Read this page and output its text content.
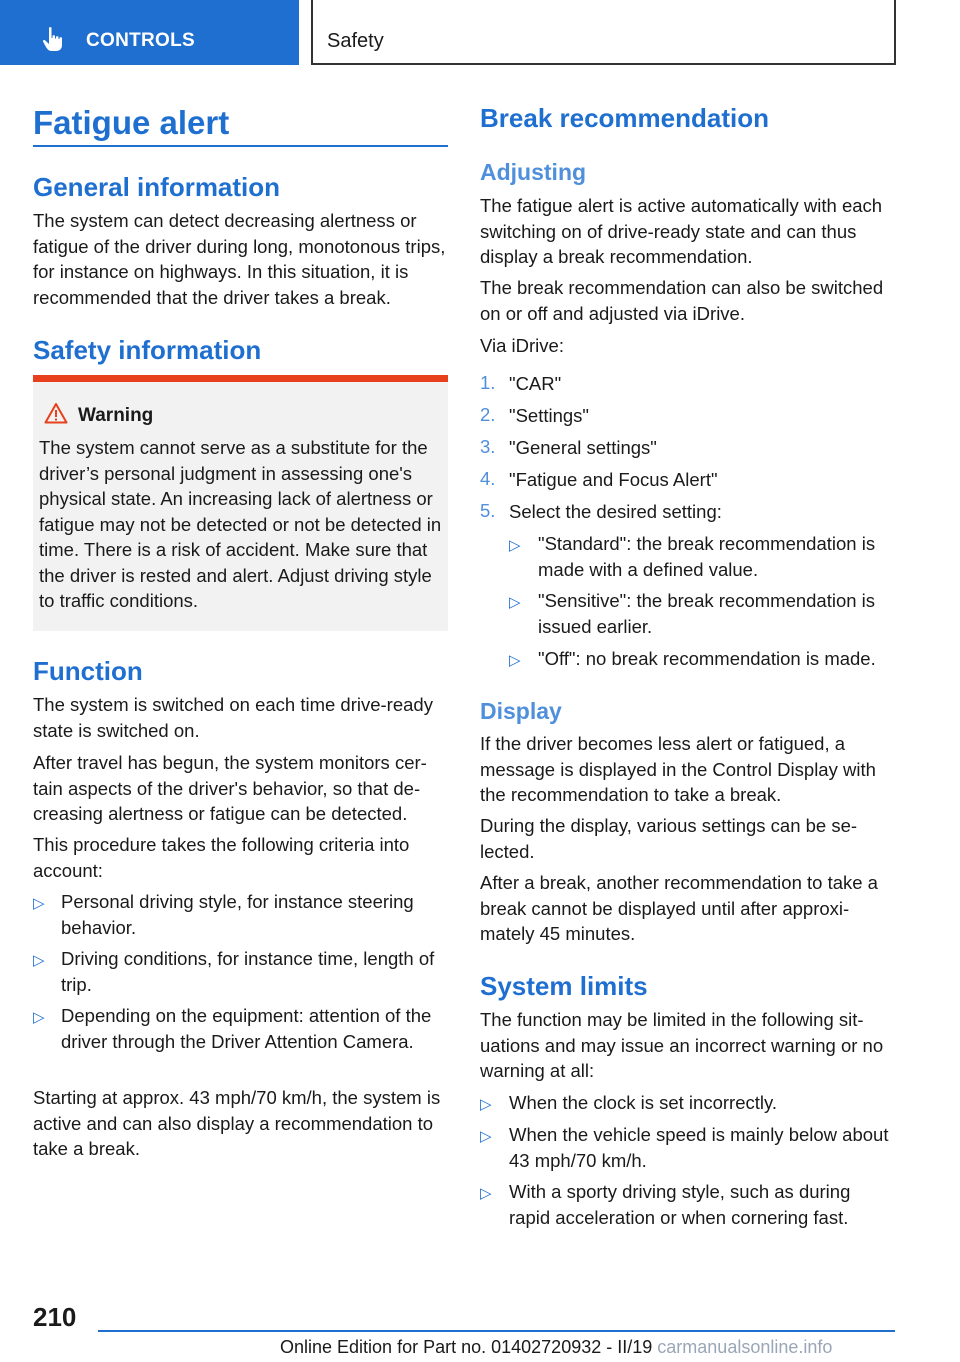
CONTROLS	Safety
Fatigue alert
General information

The system can detect decreasing alertness or fatigue of the driver during long, monotonous trips, for instance on highways. In this situation, it is recommended that the driver takes a break.

Safety information
Warning

The system cannot serve as a substitute for the driver’s personal judgment in assessing one's physical state. An increasing lack of alertness or fatigue may not be detected or not be detected in time. There is a risk of accident. Make sure that the driver is rested and alert. Adjust driving style to traffic conditions.

Function

The system is switched on each time drive-ready state is switched on.

After travel has begun, the system monitors certain aspects of the driver's behavior, so that decreasing alertness or fatigue can be detected.

This procedure takes the following criteria into account:

▷ Personal driving style, for instance steering behavior.

▷ Driving conditions, for instance time, length of trip.

▷ Depending on the equipment: attention of the driver through the Driver Attention Camera.

Starting at approx. 43 mph/70 km/h, the system is active and can also display a recommendation to take a break.

Break recommendation
Adjusting

The fatigue alert is active automatically with each switching on of drive-ready state and can thus display a break recommendation.

The break recommendation can also be switched on or off and adjusted via iDrive.

Via iDrive:

1. "CAR"

2. "Settings"

3. "General settings"

4. "Fatigue and Focus Alert"

5. Select the desired setting:

▷ "Standard": the break recommendation is made with a defined value.

▷ "Sensitive": the break recommendation is issued earlier.

▷ "Off": no break recommendation is made.

Display

If the driver becomes less alert or fatigued, a message is displayed in the Control Display with the recommendation to take a break.

During the display, various settings can be selected.

After a break, another recommendation to take a break cannot be displayed until after approximately 45 minutes.

System limits

The function may be limited in the following situations and may issue an incorrect warning or no warning at all:

▷ When the clock is set incorrectly.

▷ When the vehicle speed is mainly below about 43 mph/70 km/h.

▷ With a sporty driving style, such as during rapid acceleration or when cornering fast.

210
Online Edition for Part no. 01402720932 - II/19 carmanualsonline.info
